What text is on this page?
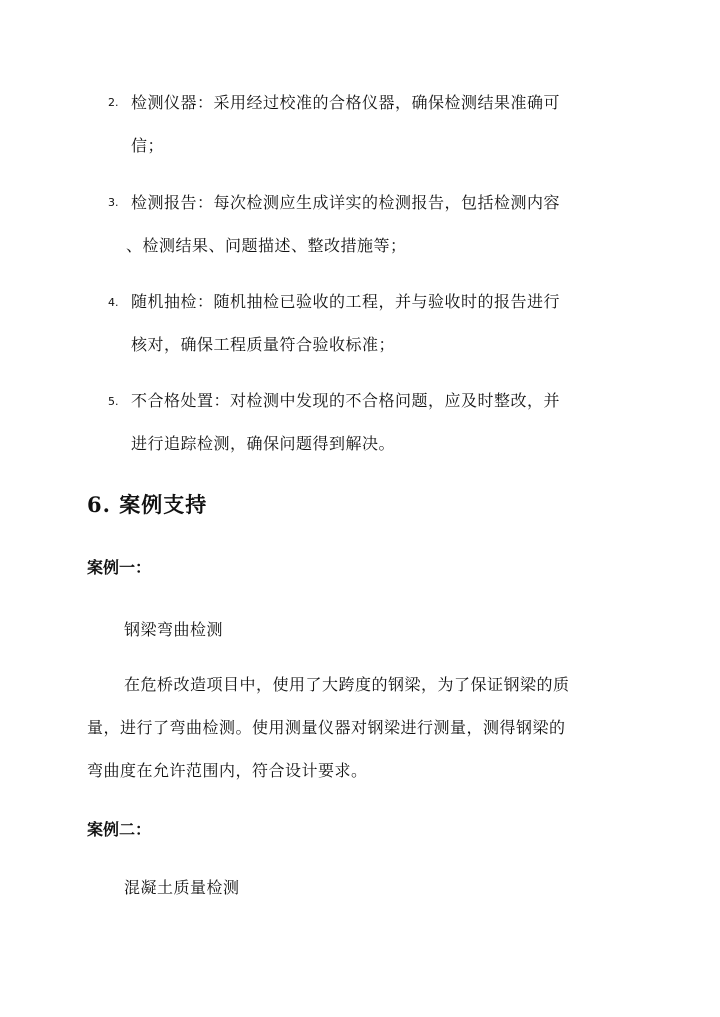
2. 检测仪器：采用经过校准的合格仪器，确保检测结果准确可
信；
3. 检测报告：每次检测应生成详实的检测报告，包括检测内容
、检测结果、问题描述、整改措施等；
4. 随机抽检：随机抽检已验收的工程，并与验收时的报告进行
核对，确保工程质量符合验收标准；
5. 不合格处置：对检测中发现的不合格问题，应及时整改，并
进行追踪检测，确保问题得到解决。
6. 案例支持
案例一：
钢梁弯曲检测
在危桥改造项目中，使用了大跨度的钢梁，为了保证钢梁的质
量，进行了弯曲检测。使用测量仪器对钢梁进行测量，测得钢梁的
弯曲度在允许范围内，符合设计要求。
案例二：
混凝土质量检测
